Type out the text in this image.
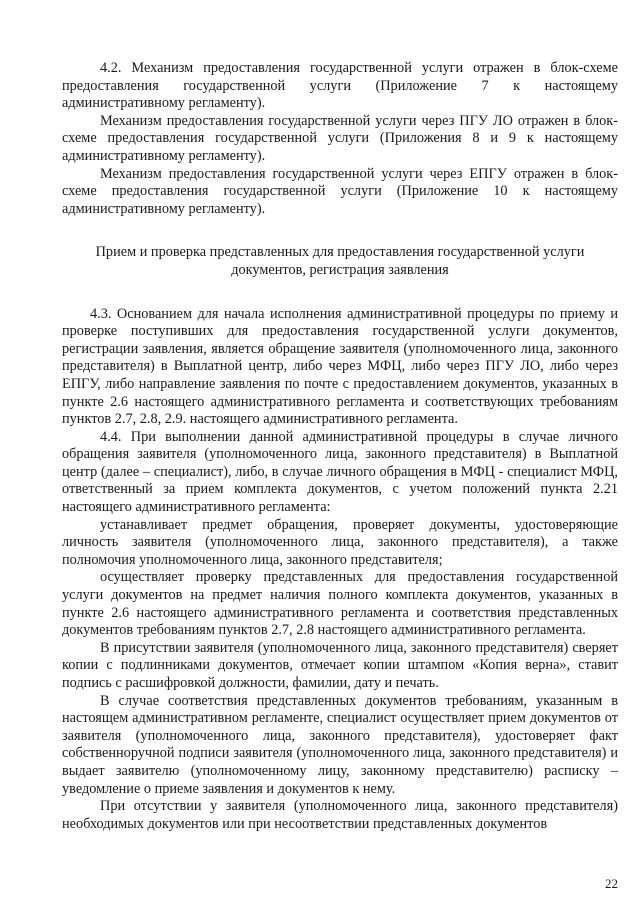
4.2. Механизм предоставления государственной услуги отражен в блок-схеме предоставления государственной услуги (Приложение 7 к настоящему административному регламенту).

Механизм предоставления государственной услуги через ПГУ ЛО отражен в блок-схеме предоставления государственной услуги (Приложения 8 и 9 к настоящему административному регламенту).

Механизм предоставления государственной услуги через ЕПГУ отражен в блок-схеме предоставления государственной услуги (Приложение 10 к настоящему административному регламенту).

Прием и проверка представленных для предоставления государственной услуги документов, регистрация заявления

4.3. Основанием для начала исполнения административной процедуры по приему и проверке поступивших для предоставления государственной услуги документов, регистрации заявления, является обращение заявителя (уполномоченного лица, законного представителя) в Выплатной центр, либо через МФЦ, либо через ПГУ ЛО, либо через ЕПГУ, либо направление заявления по почте с предоставлением документов, указанных в пункте 2.6 настоящего административного регламента и соответствующих требованиям пунктов 2.7, 2.8, 2.9. настоящего административного регламента.

4.4. При выполнении данной административной процедуры в случае личного обращения заявителя (уполномоченного лица, законного представителя) в Выплатной центр (далее – специалист), либо, в случае личного обращения в МФЦ - специалист МФЦ, ответственный за прием комплекта документов, с учетом положений пункта 2.21 настоящего административного регламента:

устанавливает предмет обращения, проверяет документы, удостоверяющие личность заявителя (уполномоченного лица, законного представителя), а также полномочия уполномоченного лица, законного представителя;

осуществляет проверку представленных для предоставления государственной услуги документов на предмет наличия полного комплекта документов, указанных в пункте 2.6 настоящего административного регламента и соответствия представленных документов требованиям пунктов 2.7, 2.8 настоящего административного регламента.

В присутствии заявителя (уполномоченного лица, законного представителя) сверяет копии с подлинниками документов, отмечает копии штампом «Копия верна», ставит подпись с расшифровкой должности, фамилии, дату и печать.

В случае соответствия представленных документов требованиям, указанным в настоящем административном регламенте, специалист осуществляет прием документов от заявителя (уполномоченного лица, законного представителя), удостоверяет факт собственноручной подписи заявителя (уполномоченного лица, законного представителя) и выдает заявителю (уполномоченному лицу, законному представителю) расписку – уведомление о приеме заявления и документов к нему.

При отсутствии у заявителя (уполномоченного лица, законного представителя) необходимых документов или при несоответствии представленных документов

22
